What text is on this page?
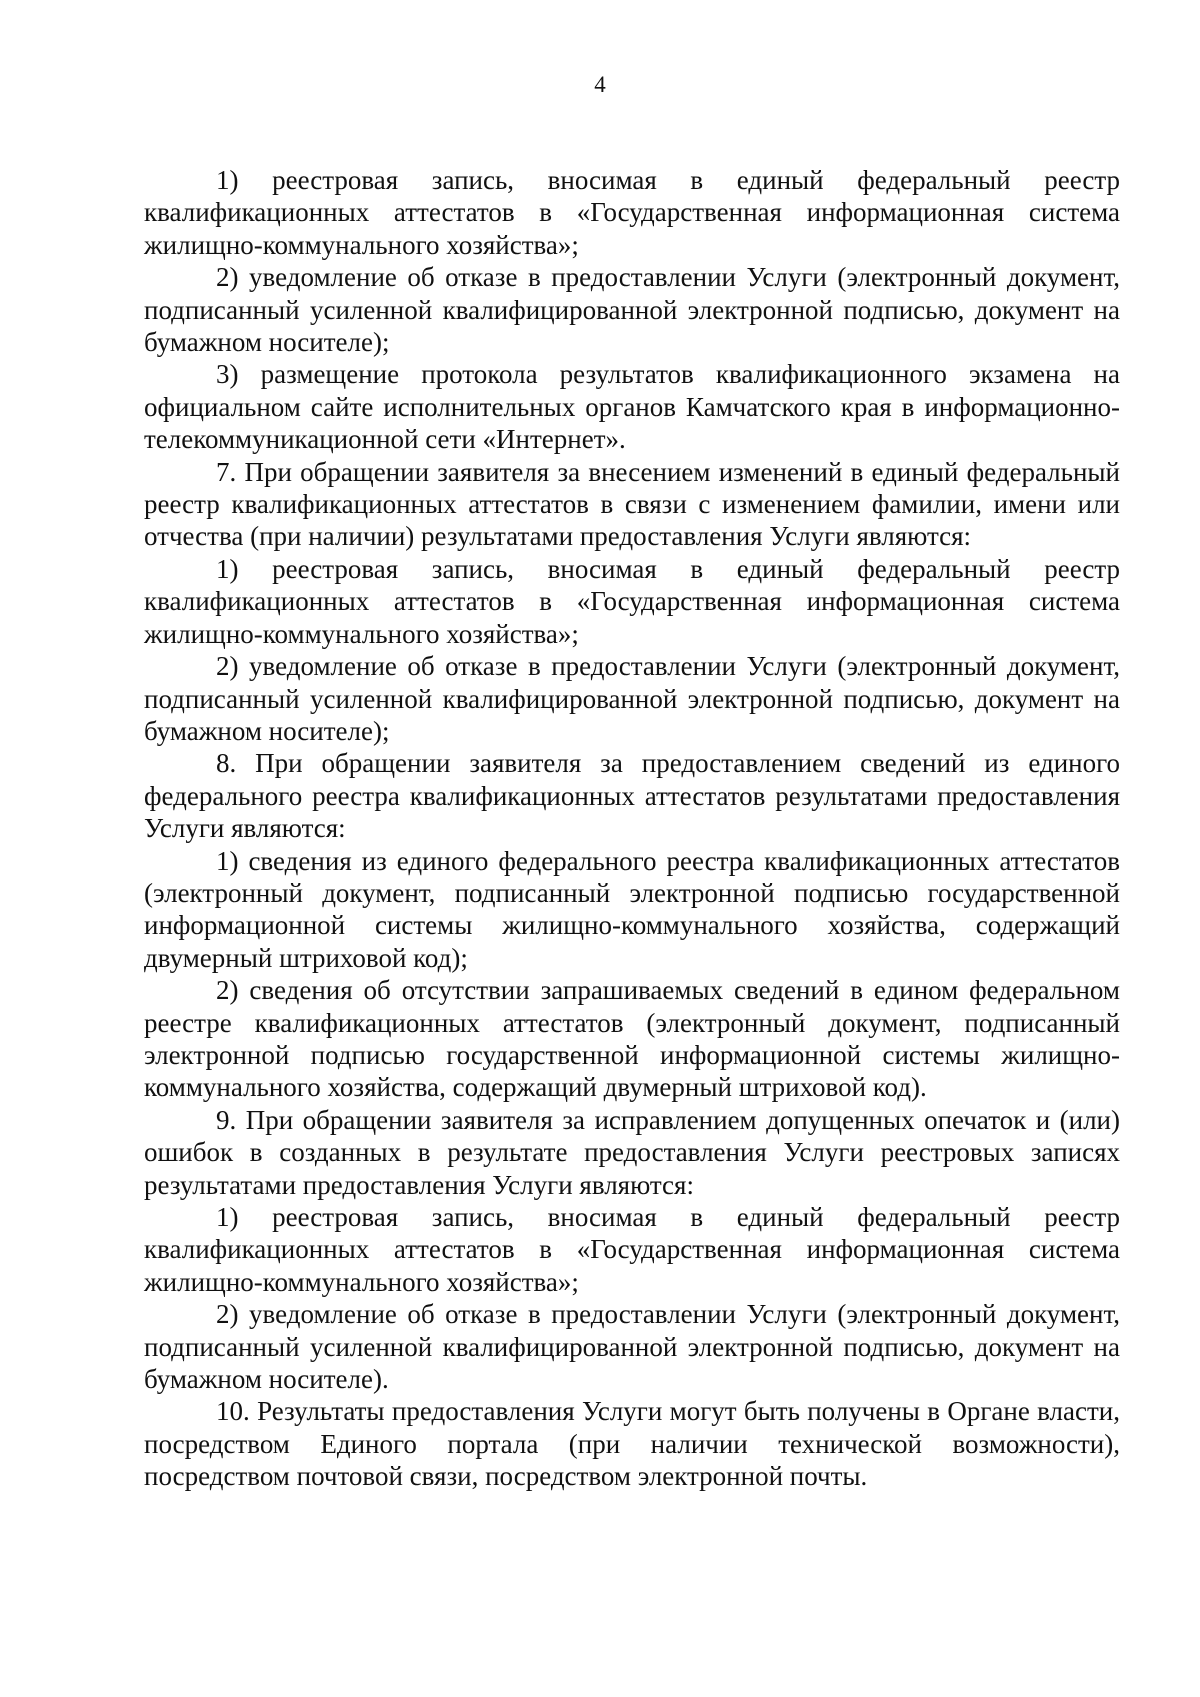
4

1) реестровая запись, вносимая в единый федеральный реестр квалификационных аттестатов в «Государственная информационная система жилищно-коммунального хозяйства»;

2) уведомление об отказе в предоставлении Услуги (электронный документ, подписанный усиленной квалифицированной электронной подписью, документ на бумажном носителе);

3) размещение протокола результатов квалификационного экзамена на официальном сайте исполнительных органов Камчатского края в информационно-телекоммуникационной сети «Интернет».

7. При обращении заявителя за внесением изменений в единый федеральный реестр квалификационных аттестатов в связи с изменением фамилии, имени или отчества (при наличии) результатами предоставления Услуги являются:

1) реестровая запись, вносимая в единый федеральный реестр квалификационных аттестатов в «Государственная информационная система жилищно-коммунального хозяйства»;

2) уведомление об отказе в предоставлении Услуги (электронный документ, подписанный усиленной квалифицированной электронной подписью, документ на бумажном носителе);

8. При обращении заявителя за предоставлением сведений из единого федерального реестра квалификационных аттестатов результатами предоставления Услуги являются:

1) сведения из единого федерального реестра квалификационных аттестатов (электронный документ, подписанный электронной подписью государственной информационной системы жилищно-коммунального хозяйства, содержащий двумерный штриховой код);

2) сведения об отсутствии запрашиваемых сведений в едином федеральном реестре квалификационных аттестатов (электронный документ, подписанный электронной подписью государственной информационной системы жилищно-коммунального хозяйства, содержащий двумерный штриховой код).

9. При обращении заявителя за исправлением допущенных опечаток и (или) ошибок в созданных в результате предоставления Услуги реестровых записях результатами предоставления Услуги являются:

1) реестровая запись, вносимая в единый федеральный реестр квалификационных аттестатов в «Государственная информационная система жилищно-коммунального хозяйства»;

2) уведомление об отказе в предоставлении Услуги (электронный документ, подписанный усиленной квалифицированной электронной подписью, документ на бумажном носителе).

10. Результаты предоставления Услуги могут быть получены в Органе власти, посредством Единого портала (при наличии технической возможности), посредством почтовой связи, посредством электронной почты.
